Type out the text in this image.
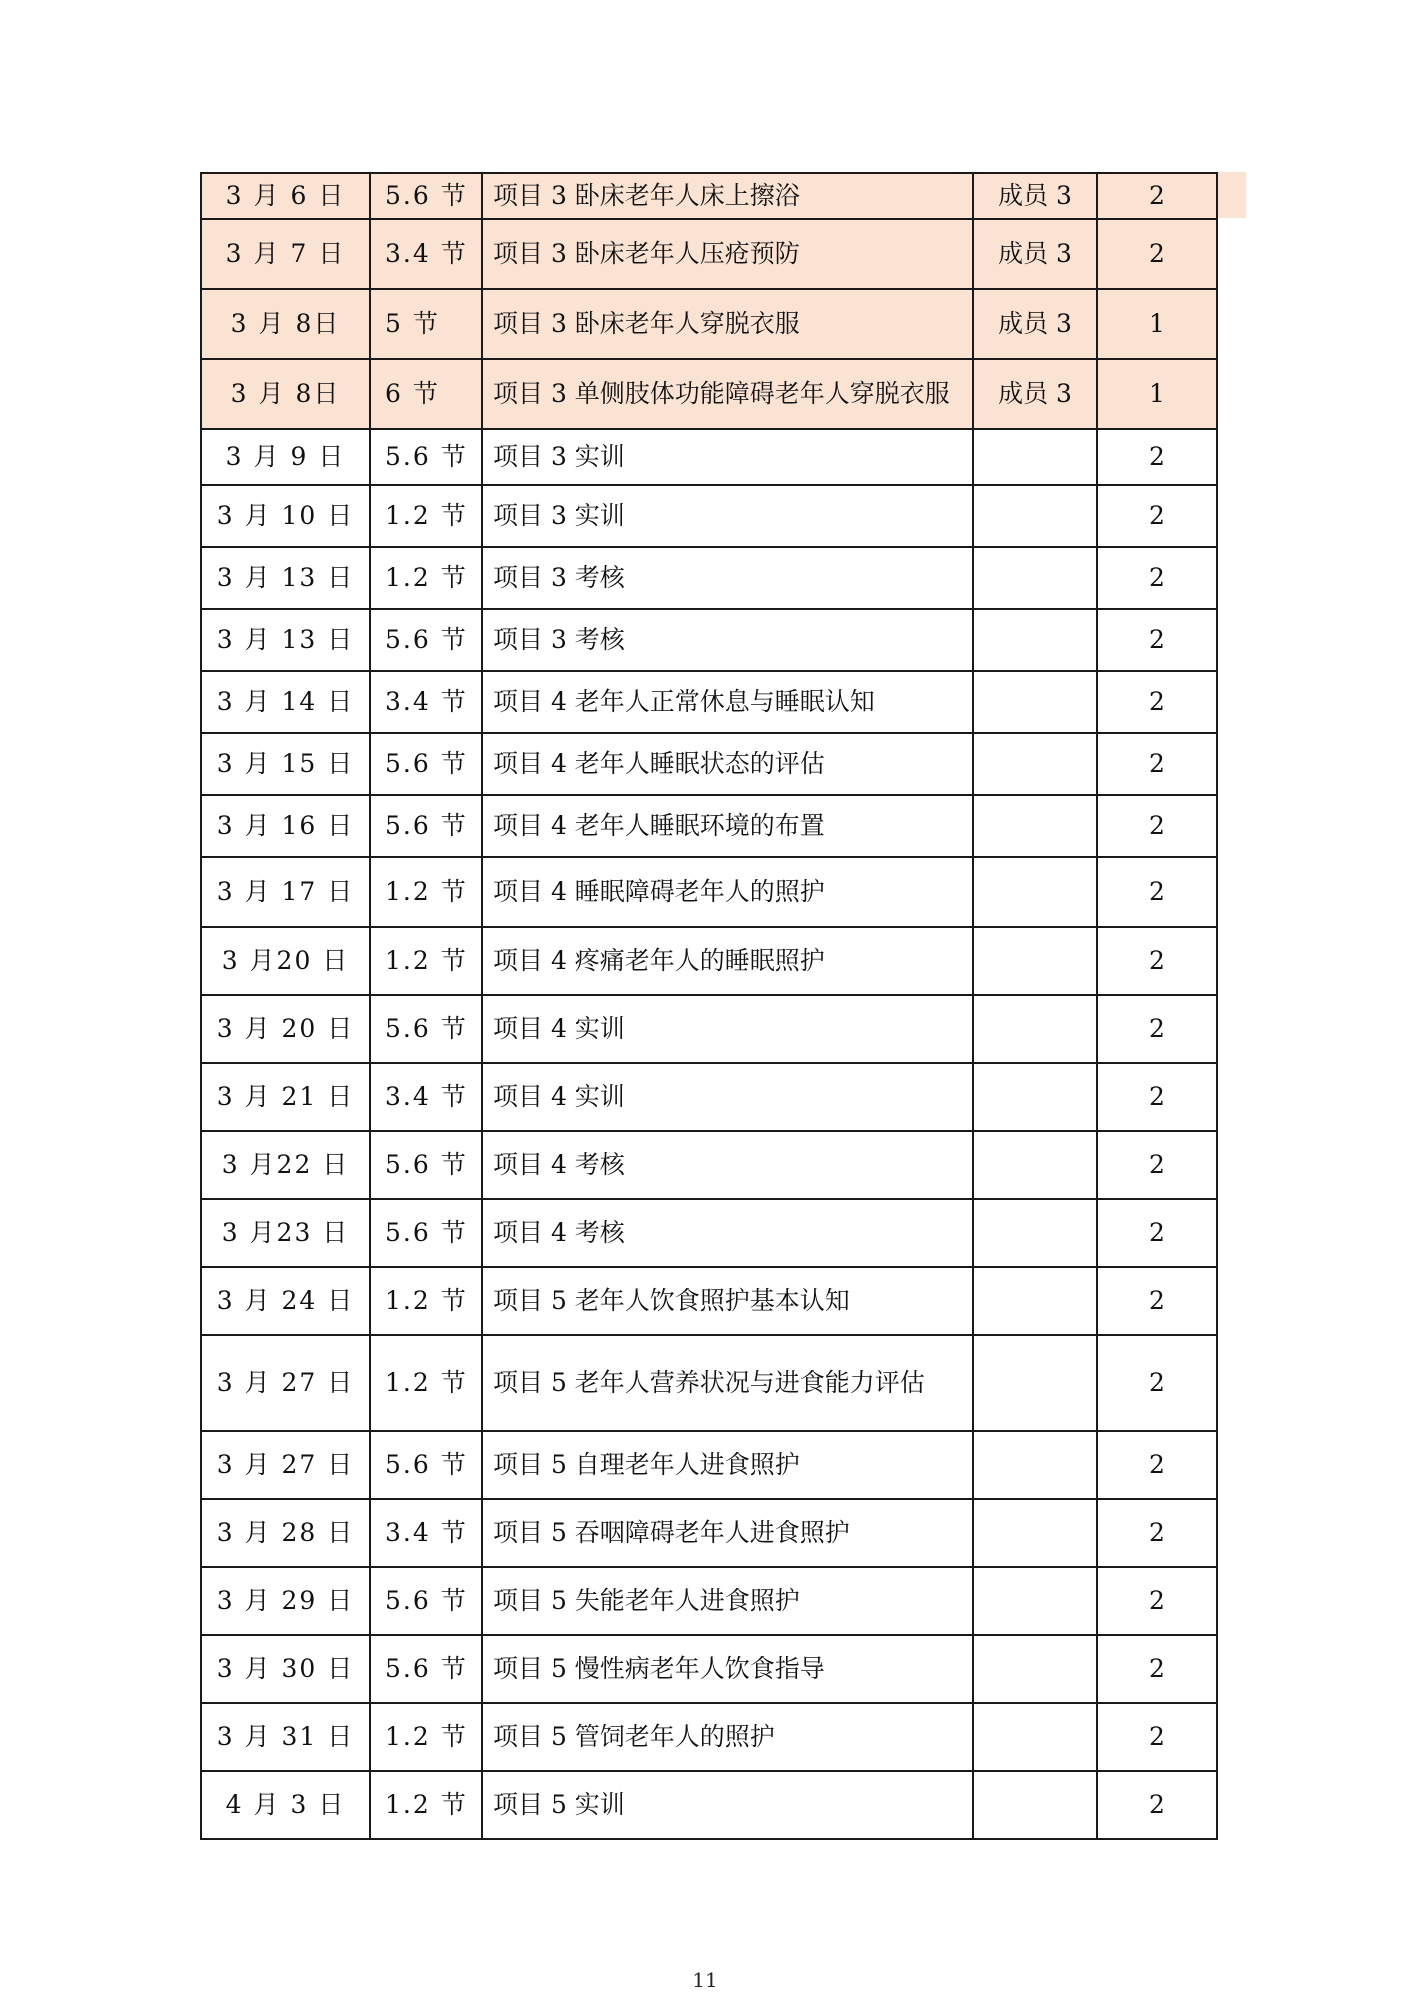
3 月 6 日	5.6 节	项目 3 卧床老年人床上擦浴	成员 3	2
3 月 7 日	3.4 节	项目 3 卧床老年人压疮预防	成员 3	2
3 月 8日	5 节	项目 3 卧床老年人穿脱衣服	成员 3	1
3 月 8日	6 节	项目 3 单侧肢体功能障碍老年人穿脱衣服	成员 3	1
3 月 9 日	5.6 节	项目 3 实训		2
3 月 10 日	1.2 节	项目 3 实训		2
3 月 13 日	1.2 节	项目 3 考核		2
3 月 13 日	5.6 节	项目 3 考核		2
3 月 14 日	3.4 节	项目 4 老年人正常休息与睡眠认知		2
3 月 15 日	5.6 节	项目 4 老年人睡眠状态的评估		2
3 月 16 日	5.6 节	项目 4 老年人睡眠环境的布置		2
3 月 17 日	1.2 节	项目 4 睡眠障碍老年人的照护		2
3 月20 日	1.2 节	项目 4 疼痛老年人的睡眠照护		2
3 月 20 日	5.6 节	项目 4 实训		2
3 月 21 日	3.4 节	项目 4 实训		2
3 月22 日	5.6 节	项目 4 考核		2
3 月23 日	5.6 节	项目 4 考核		2
3 月 24 日	1.2 节	项目 5 老年人饮食照护基本认知		2
3 月 27 日	1.2 节	项目 5 老年人营养状况与进食能力评估		2
3 月 27 日	5.6 节	项目 5 自理老年人进食照护		2
3 月 28 日	3.4 节	项目 5 吞咽障碍老年人进食照护		2
3 月 29 日	5.6 节	项目 5 失能老年人进食照护		2
3 月 30 日	5.6 节	项目 5 慢性病老年人饮食指导		2
3 月 31 日	1.2 节	项目 5 管饲老年人的照护		2
4 月 3 日	1.2 节	项目 5 实训		2
11
